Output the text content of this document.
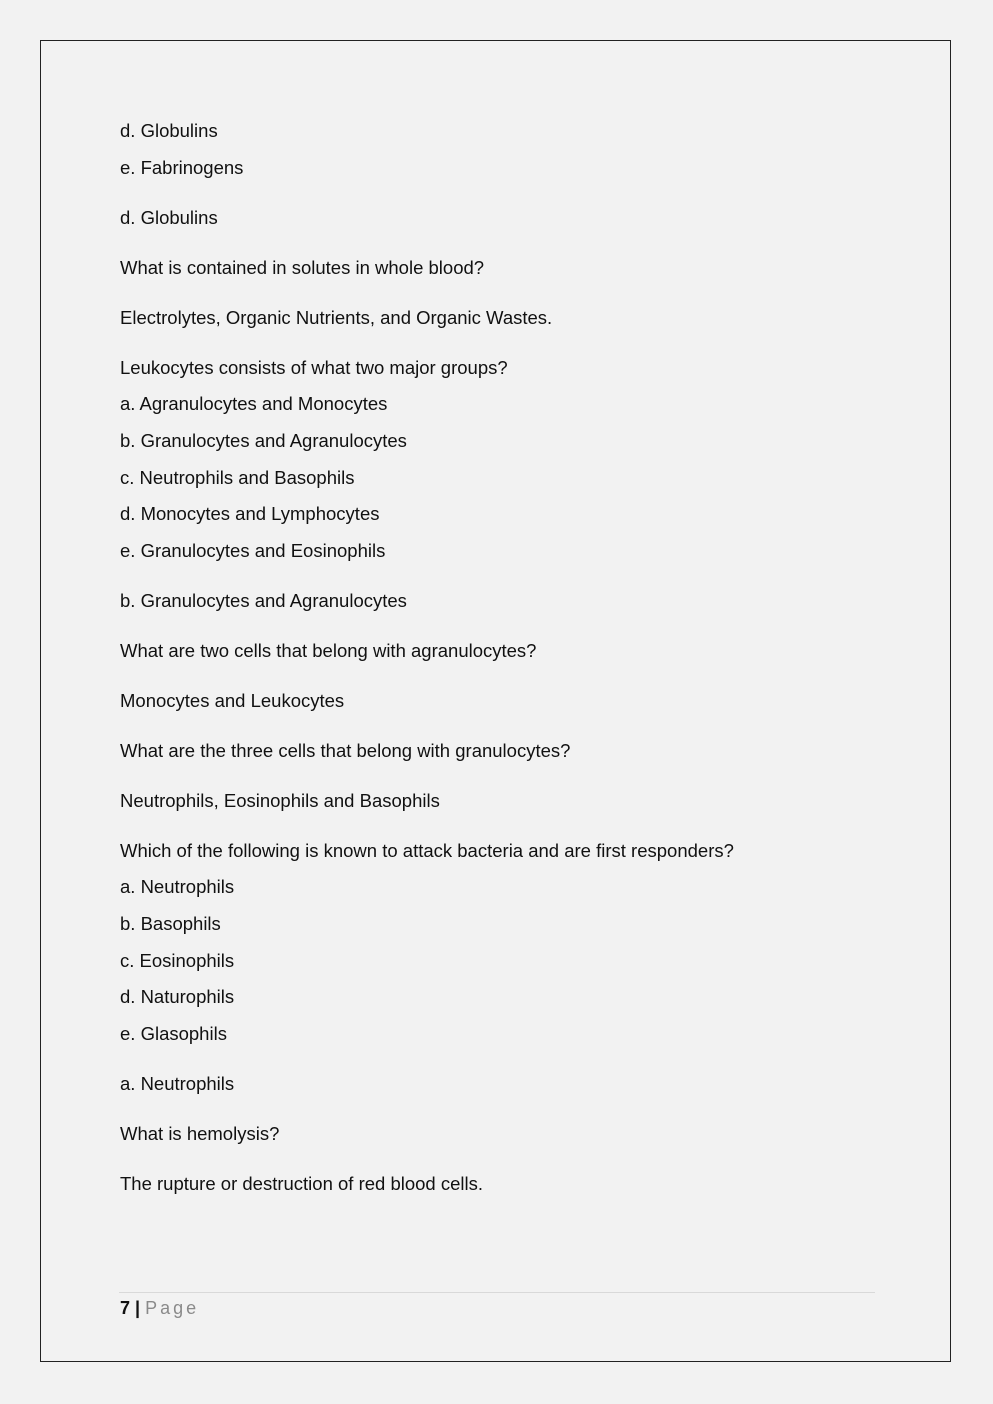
d. Globulins
e. Fabrinogens
d. Globulins
What is contained in solutes in whole blood?
Electrolytes, Organic Nutrients, and Organic Wastes.
Leukocytes consists of what two major groups?
a. Agranulocytes and Monocytes
b. Granulocytes and Agranulocytes
c. Neutrophils and Basophils
d. Monocytes and Lymphocytes
e. Granulocytes and Eosinophils
b. Granulocytes and Agranulocytes
What are two cells that belong with agranulocytes?
Monocytes and Leukocytes
What are the three cells that belong with granulocytes?
Neutrophils, Eosinophils and Basophils
Which of the following is known to attack bacteria and are first responders?
a. Neutrophils
b. Basophils
c. Eosinophils
d. Naturophils
e. Glasophils
a. Neutrophils
What is hemolysis?
The rupture or destruction of red blood cells.
7 | Page
